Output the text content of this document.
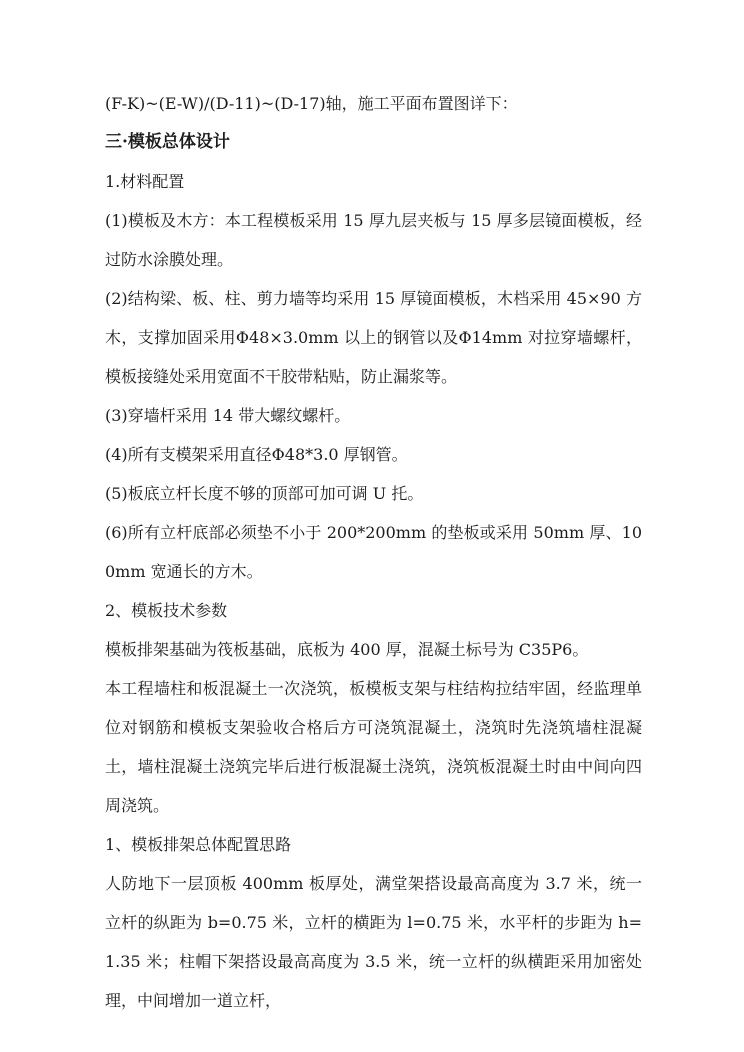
(F-K)~(E-W)/(D-11)~(D-17)轴，施工平面布置图详下：

三·模板总体设计

1.材料配置

(1)模板及木方：本工程模板采用 15 厚九层夹板与 15 厚多层镜面模板，经过防水涂膜处理。

(2)结构梁、板、柱、剪力墙等均采用 15 厚镜面模板，木档采用 45×90 方木，支撑加固采用Φ48×3.0mm 以上的钢管以及Φ14mm 对拉穿墙螺杆，模板接缝处采用宽面不干胶带粘贴，防止漏浆等。

(3)穿墙杆采用 14 带大螺纹螺杆。

(4)所有支模架采用直径Φ48*3.0 厚钢管。

(5)板底立杆长度不够的顶部可加可调 U 托。

(6)所有立杆底部必须垫不小于 200*200mm 的垫板或采用 50mm 厚、100mm 宽通长的方木。

2、模板技术参数

模板排架基础为筏板基础，底板为 400 厚，混凝土标号为 C35P6。

本工程墙柱和板混凝土一次浇筑，板模板支架与柱结构拉结牢固，经监理单位对钢筋和模板支架验收合格后方可浇筑混凝土，浇筑时先浇筑墙柱混凝土，墙柱混凝土浇筑完毕后进行板混凝土浇筑，浇筑板混凝土时由中间向四周浇筑。

1、模板排架总体配置思路

人防地下一层顶板 400mm 板厚处，满堂架搭设最高高度为 3.7 米，统一立杆的纵距为 b=0.75 米，立杆的横距为 l=0.75 米，水平杆的步距为 h=1.35 米；柱帽下架搭设最高高度为 3.5 米，统一立杆的纵横距采用加密处理，中间增加一道立杆，
